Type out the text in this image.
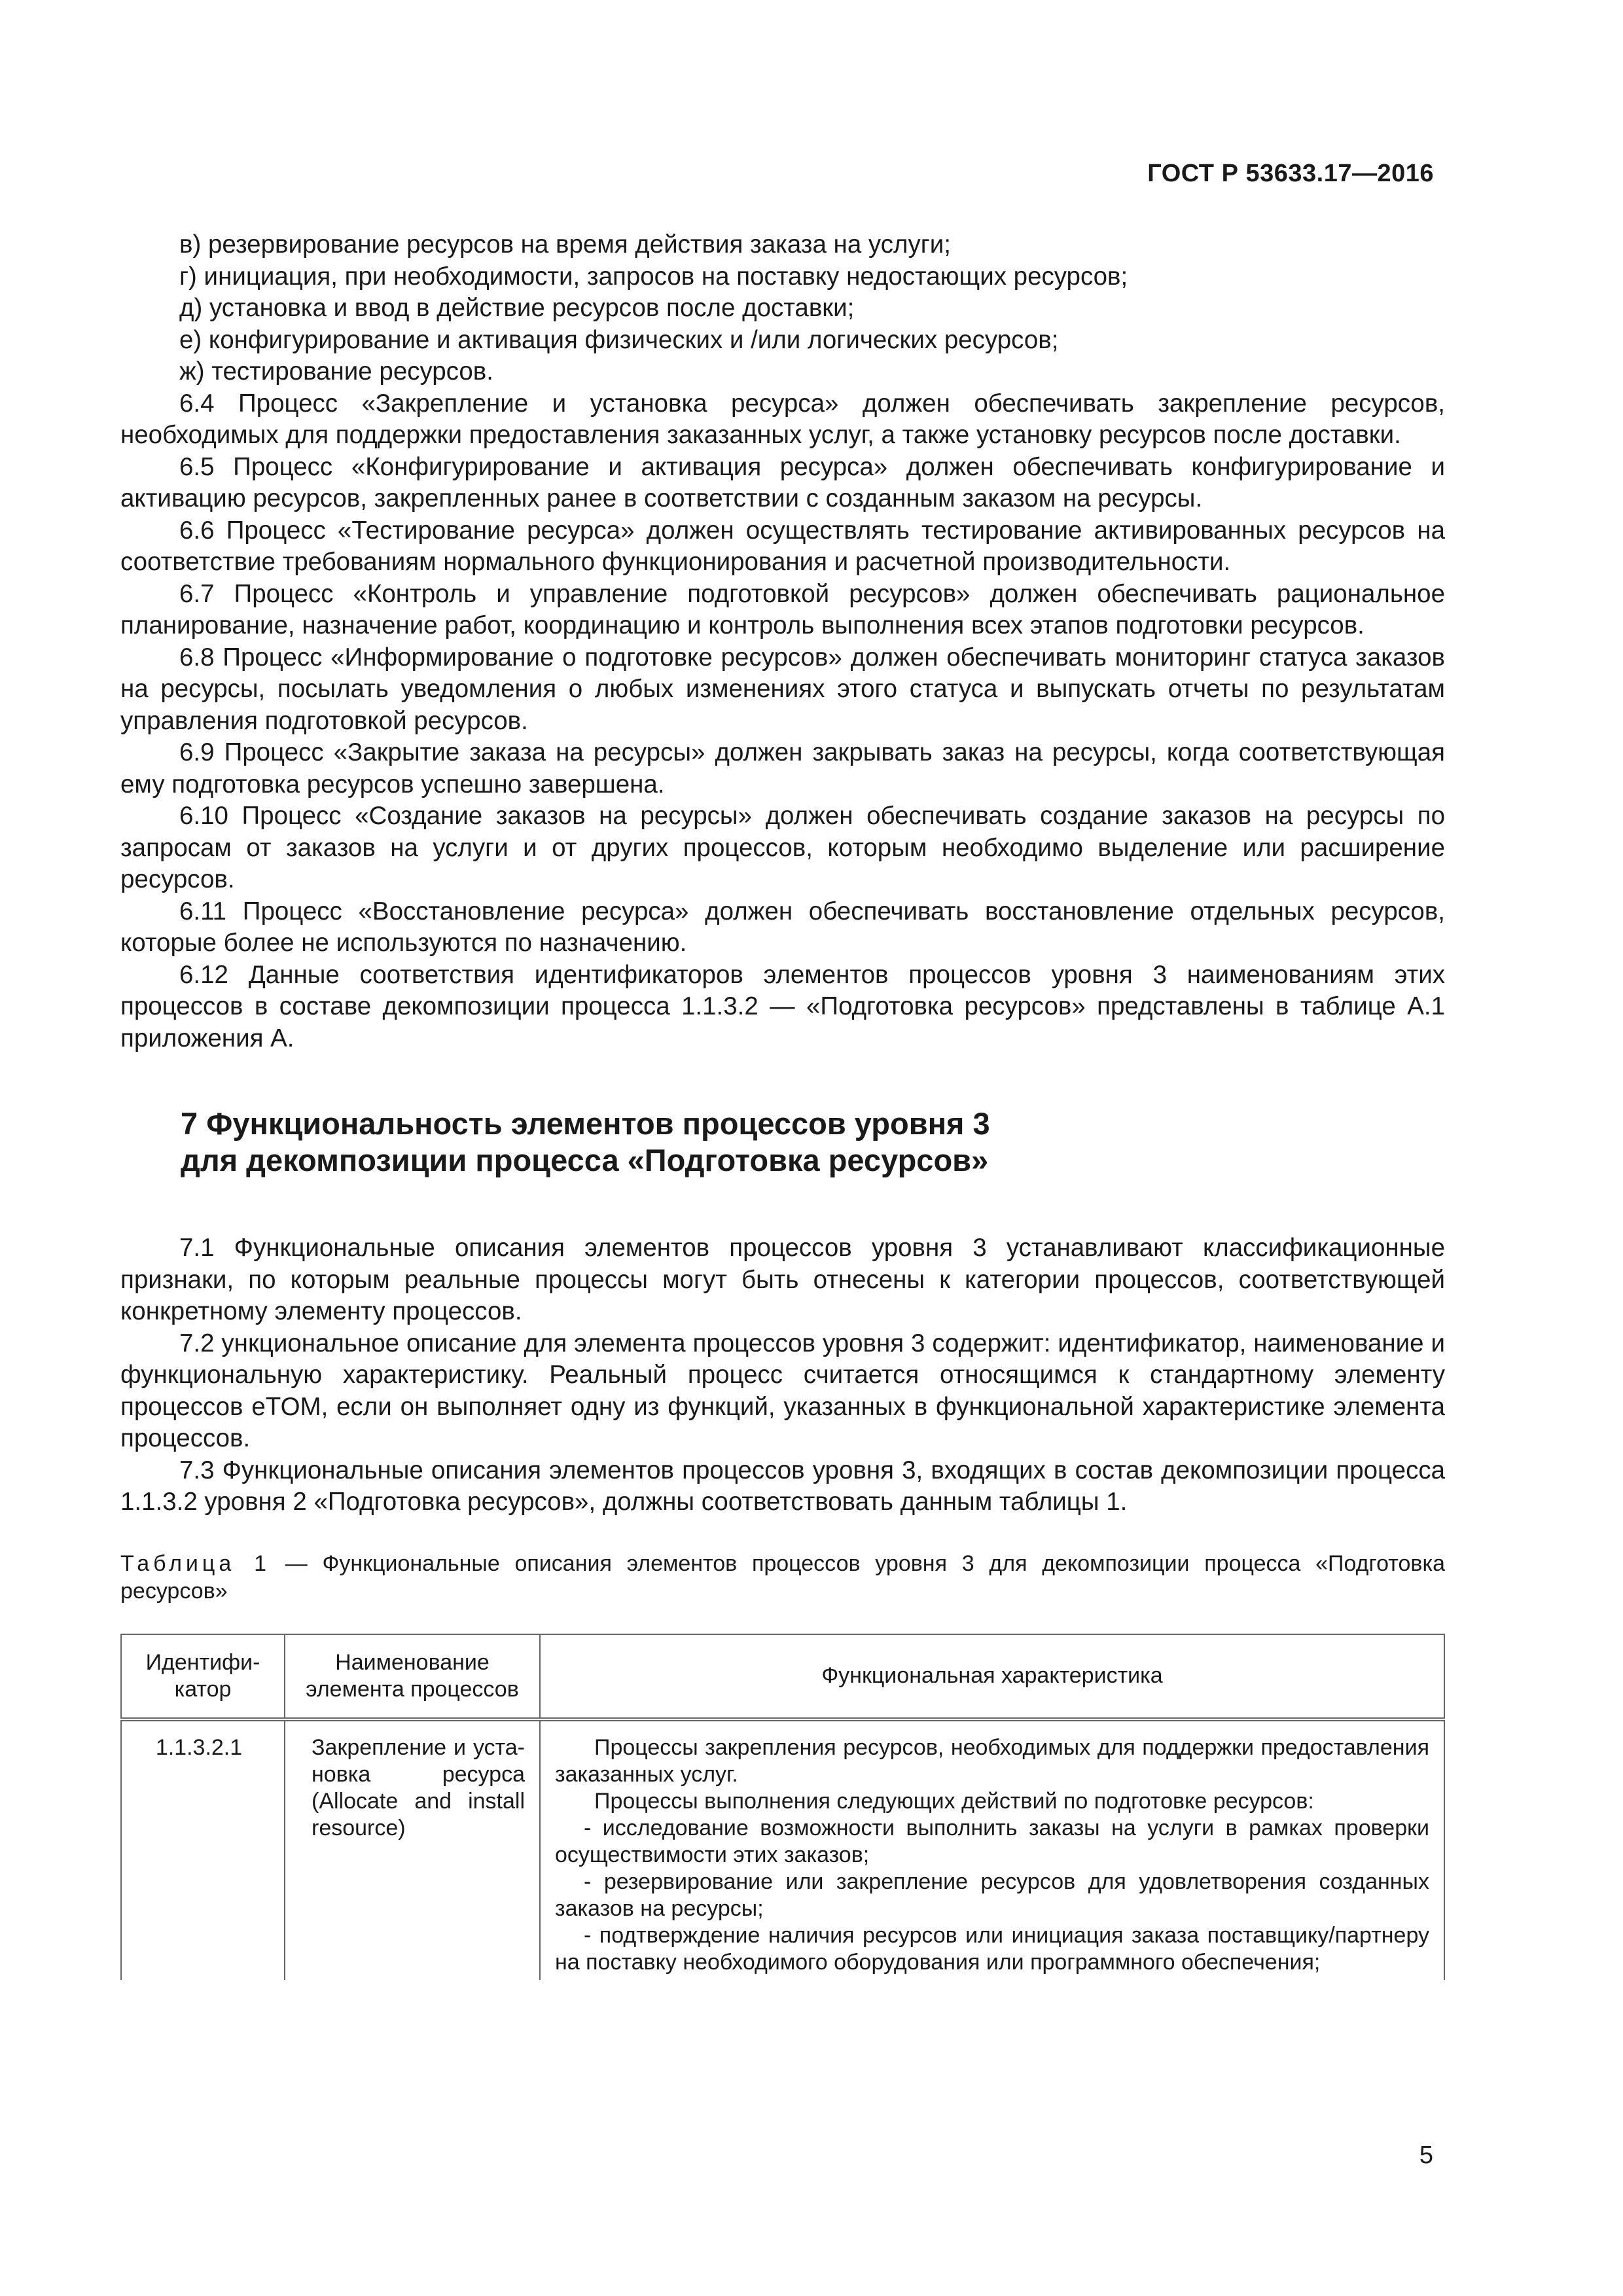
ГОСТ Р 53633.17—2016

в) резервирование ресурсов на время действия заказа на услуги;

г) инициация, при необходимости, запросов на поставку недостающих ресурсов;

д) установка и ввод в действие ресурсов после доставки;

е) конфигурирование и активация физических и /или логических ресурсов;

ж) тестирование ресурсов.

6.4 Процесс «Закрепление и установка ресурса» должен обеспечивать закрепление ресурсов, необходимых для поддержки предоставления заказанных услуг, а также установку ресурсов после доставки.

6.5 Процесс «Конфигурирование и активация ресурса» должен обеспечивать конфигурирование и активацию ресурсов, закрепленных ранее в соответствии с созданным заказом на ресурсы.

6.6 Процесс «Тестирование ресурса» должен осуществлять тестирование активированных ресурсов на соответствие требованиям нормального функционирования и расчетной производительности.

6.7 Процесс «Контроль и управление подготовкой ресурсов» должен обеспечивать рациональное планирование, назначение работ, координацию и контроль выполнения всех этапов подготовки ресурсов.

6.8 Процесс «Информирование о подготовке ресурсов» должен обеспечивать мониторинг статуса заказов на ресурсы, посылать уведомления о любых изменениях этого статуса и выпускать отчеты по результатам управления подготовкой ресурсов.

6.9 Процесс «Закрытие заказа на ресурсы» должен закрывать заказ на ресурсы, когда соответствующая ему подготовка ресурсов успешно завершена.

6.10 Процесс «Создание заказов на ресурсы» должен обеспечивать создание заказов на ресурсы по запросам от заказов на услуги и от других процессов, которым необходимо выделение или расширение ресурсов.

6.11 Процесс «Восстановление ресурса» должен обеспечивать восстановление отдельных ресурсов, которые более не используются по назначению.

6.12 Данные соответствия идентификаторов элементов процессов уровня 3 наименованиям этих процессов в составе декомпозиции процесса 1.1.3.2 — «Подготовка ресурсов» представлены в таблице А.1 приложения А.

7 Функциональность элементов процессов уровня 3
для декомпозиции процесса «Подготовка ресурсов»

7.1 Функциональные описания элементов процессов уровня 3 устанавливают классификационные признаки, по которым реальные процессы могут быть отнесены к категории процессов, соответствующей конкретному элементу процессов.

7.2 ункциональное описание для элемента процессов уровня 3 содержит: идентификатор, наименование и функциональную характеристику. Реальный процесс считается относящимся к стандартному элементу процессов eTOM, если он выполняет одну из функций, указанных в функциональной характеристике элемента процессов.

7.3 Функциональные описания элементов процессов уровня 3, входящих в состав декомпозиции процесса 1.1.3.2 уровня 2 «Подготовка ресурсов», должны соответствовать данным таблицы 1.

Таблица 1 — Функциональные описания элементов процессов уровня 3 для декомпозиции процесса «Подготовка ресурсов»

Идентификатор	Наименование элемента процессов	Функциональная характеристика
1.1.3.2.1	Закрепление и установка ресурса (Allocate and install resource)	Процессы закрепления ресурсов, необходимых для поддержки предоставления заказанных услуг.

Процессы выполнения следующих действий по подготовке ресурсов:

- исследование возможности выполнить заказы на услуги в рамках проверки осуществимости этих заказов;

- резервирование или закрепление ресурсов для удовлетворения созданных заказов на ресурсы;

- подтверждение наличия ресурсов или инициация заказа поставщику/партнеру на поставку необходимого оборудования или программного обеспечения;

5
